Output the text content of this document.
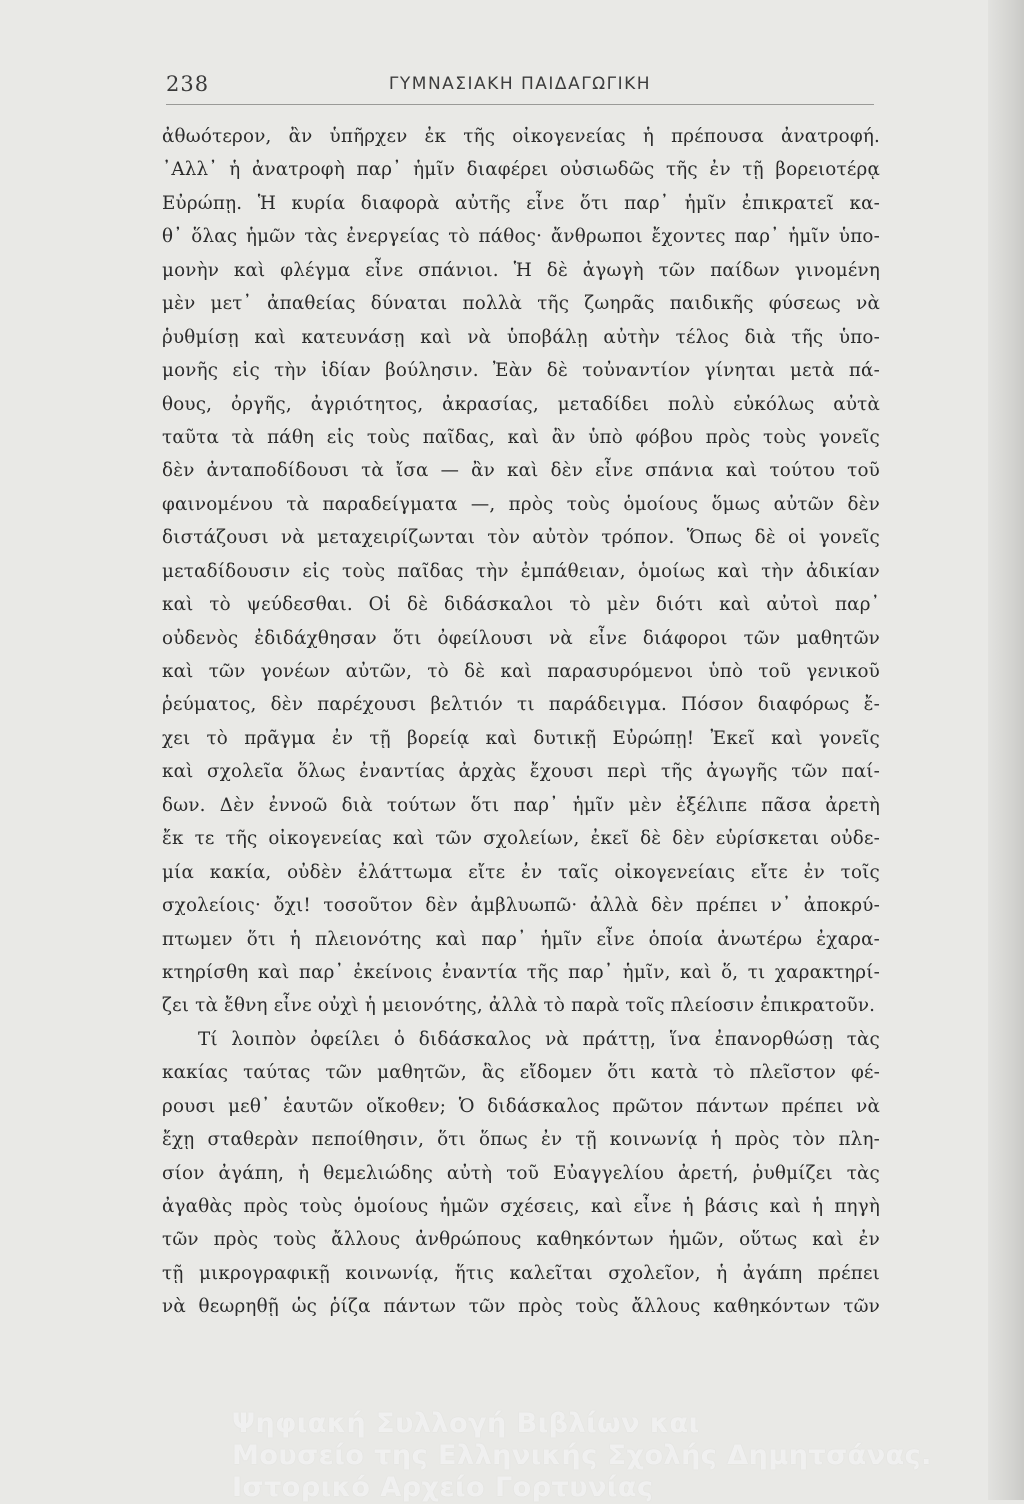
238	ΓΥΜΝΑΣΙΑΚΗ ΠΑΙΔΑΓΩΓΙΚΗ
ἀθωότερον, ἂν ὑπῆρχεν ἐκ τῆς οἰκογενείας ἡ πρέπουσα ἀνατροφή.
᾿Αλλ᾿ ἡ ἀνατροφὴ παρ᾿ ἡμῖν διαφέρει οὐσιωδῶς τῆς ἐν τῇ βορειοτέρᾳ
Εὐρώπῃ. Ἡ κυρία διαφορὰ αὐτῆς εἶνε ὅτι παρ᾿ ἡμῖν ἐπικρατεῖ κα-
θ᾿ ὅλας ἡμῶν τὰς ἐνεργείας τὸ πάθος· ἄνθρωποι ἔχοντες παρ᾿ ἡμῖν ὑπο-
μονὴν καὶ φλέγμα εἶνε σπάνιοι. Ἡ δὲ ἀγωγὴ τῶν παίδων γινομένη
μὲν μετ᾿ ἀπαθείας δύναται πολλὰ τῆς ζωηρᾶς παιδικῆς φύσεως νὰ
ῥυθμίσῃ καὶ κατευνάσῃ καὶ νὰ ὑποβάλῃ αὐτὴν τέλος διὰ τῆς ὑπο-
μονῆς εἰς τὴν ἰδίαν βούλησιν. Ἐὰν δὲ τοὐναντίον γίνηται μετὰ πά-
θους, ὀργῆς, ἀγριότητος, ἀκρασίας, μεταδίδει πολὺ εὐκόλως αὐτὰ
ταῦτα τὰ πάθη εἰς τοὺς παῖδας, καὶ ἂν ὑπὸ φόβου πρὸς τοὺς γονεῖς
δὲν ἀνταποδίδουσι τὰ ἴσα — ἂν καὶ δὲν εἶνε σπάνια καὶ τούτου τοῦ
φαινομένου τὰ παραδείγματα —, πρὸς τοὺς ὁμοίους ὅμως αὐτῶν δὲν
διστάζουσι νὰ μεταχειρίζωνται τὸν αὐτὸν τρόπον. Ὅπως δὲ οἱ γονεῖς
μεταδίδουσιν εἰς τοὺς παῖδας τὴν ἐμπάθειαν, ὁμοίως καὶ τὴν ἀδικίαν
καὶ τὸ ψεύδεσθαι. Οἱ δὲ διδάσκαλοι τὸ μὲν διότι καὶ αὐτοὶ παρ᾿
οὐδενὸς ἐδιδάχθησαν ὅτι ὀφείλουσι νὰ εἶνε διάφοροι τῶν μαθητῶν
καὶ τῶν γονέων αὐτῶν, τὸ δὲ καὶ παρασυρόμενοι ὑπὸ τοῦ γενικοῦ
ῥεύματος, δὲν παρέχουσι βελτιόν τι παράδειγμα. Πόσον διαφόρως ἔ-
χει τὸ πρᾶγμα ἐν τῇ βορείᾳ καὶ δυτικῇ Εὐρώπῃ! Ἐκεῖ καὶ γονεῖς
καὶ σχολεῖα ὅλως ἐναντίας ἀρχὰς ἔχουσι περὶ τῆς ἀγωγῆς τῶν παί-
δων. Δὲν ἐννοῶ διὰ τούτων ὅτι παρ᾿ ἡμῖν μὲν ἐξέλιπε πᾶσα ἀρετὴ
ἔκ τε τῆς οἰκογενείας καὶ τῶν σχολείων, ἐκεῖ δὲ δὲν εὑρίσκεται οὐδε-
μία κακία, οὐδὲν ἐλάττωμα εἴτε ἐν ταῖς οἰκογενείαις εἴτε ἐν τοῖς
σχολείοις· ὄχι! τοσοῦτον δὲν ἀμβλυωπῶ· ἀλλὰ δὲν πρέπει ν᾿ ἀποκρύ-
πτωμεν ὅτι ἡ πλειονότης καὶ παρ᾿ ἡμῖν εἶνε ὁποία ἀνωτέρω ἐχαρα-
κτηρίσθη καὶ παρ᾿ ἐκείνοις ἐναντία τῆς παρ᾿ ἡμῖν, καὶ ὅ, τι χαρακτηρί-
ζει τὰ ἔθνη εἶνε οὐχὶ ἡ μειονότης, ἀλλὰ τὸ παρὰ τοῖς πλείοσιν ἐπικρατοῦν.
Τί λοιπὸν ὀφείλει ὁ διδάσκαλος νὰ πράττῃ, ἵνα ἐπανορθώσῃ τὰς
κακίας ταύτας τῶν μαθητῶν, ἃς εἴδομεν ὅτι κατὰ τὸ πλεῖστον φέ-
ρουσι μεθ᾿ ἑαυτῶν οἴκοθεν; Ὁ διδάσκαλος πρῶτον πάντων πρέπει νὰ
ἔχῃ σταθερὰν πεποίθησιν, ὅτι ὅπως ἐν τῇ κοινωνίᾳ ἡ πρὸς τὸν πλη-
σίον ἀγάπη, ἡ θεμελιώδης αὐτὴ τοῦ Εὐαγγελίου ἀρετή, ῥυθμίζει τὰς
ἀγαθὰς πρὸς τοὺς ὁμοίους ἡμῶν σχέσεις, καὶ εἶνε ἡ βάσις καὶ ἡ πηγὴ
τῶν πρὸς τοὺς ἄλλους ἀνθρώπους καθηκόντων ἡμῶν, οὕτως καὶ ἐν
τῇ μικρογραφικῇ κοινωνίᾳ, ἥτις καλεῖται σχολεῖον, ἡ ἀγάπη πρέπει
νὰ θεωρηθῇ ὡς ῥίζα πάντων τῶν πρὸς τοὺς ἄλλους καθηκόντων τῶν
Ψηφιακή Συλλογή Βιβλίων και
Μουσείο της Ελληνικής Σχολής Δημητσάνας.
Ιστορικό Αρχείο Γορτυνίας
